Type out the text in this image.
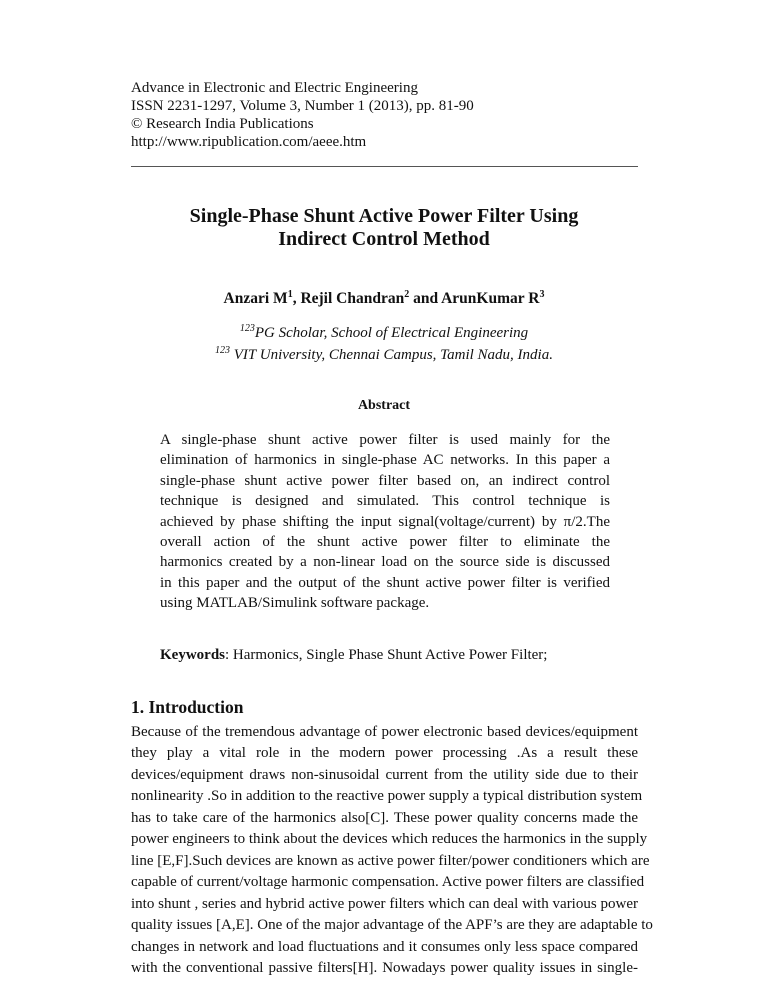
Advance in Electronic and Electric Engineering
ISSN 2231-1297, Volume 3, Number 1 (2013), pp. 81-90
© Research India Publications
http://www.ripublication.com/aeee.htm
Single-Phase Shunt Active Power Filter Using
Indirect Control Method
Anzari $M^1$, Rejil Chandran$^2$ and ArunKumar $R^3$
$^{123}$PG Scholar, School of Electrical Engineering
$^{123}$ VIT University, Chennai Campus, Tamil Nadu, India.
Abstract
A single-phase shunt active power filter is used mainly for the
elimination of harmonics in single-phase AC networks. In this paper a
single-phase shunt active power filter based on, an indirect control
technique is designed and simulated. This control technique is
achieved by phase shifting the input signal(voltage/current) by π/2.The
overall action of the shunt active power filter to eliminate the
harmonics created by a non-linear load on the source side is discussed
in this paper and the output of the shunt active power filter is verified
using MATLAB/Simulink software package.
Keywords: Harmonics, Single Phase Shunt Active Power Filter;
1. Introduction
Because of the tremendous advantage of power electronic based devices/equipment
they play a vital role in the modern power processing .As a result these
devices/equipment draws non-sinusoidal current from the utility side due to their
nonlinearity .So in addition to the reactive power supply a typical distribution system
has to take care of the harmonics also[C]. These power quality concerns made the
power engineers to think about the devices which reduces the harmonics in the supply
line [E,F].Such devices are known as active power filter/power conditioners which are
capable of current/voltage harmonic compensation. Active power filters are classified
into shunt , series and hybrid active power filters which can deal with various power
quality issues [A,E]. One of the major advantage of the APF’s are they are adaptable to
changes in network and load fluctuations and it consumes only less space compared
with the conventional passive filters[H]. Nowadays power quality issues in single-
